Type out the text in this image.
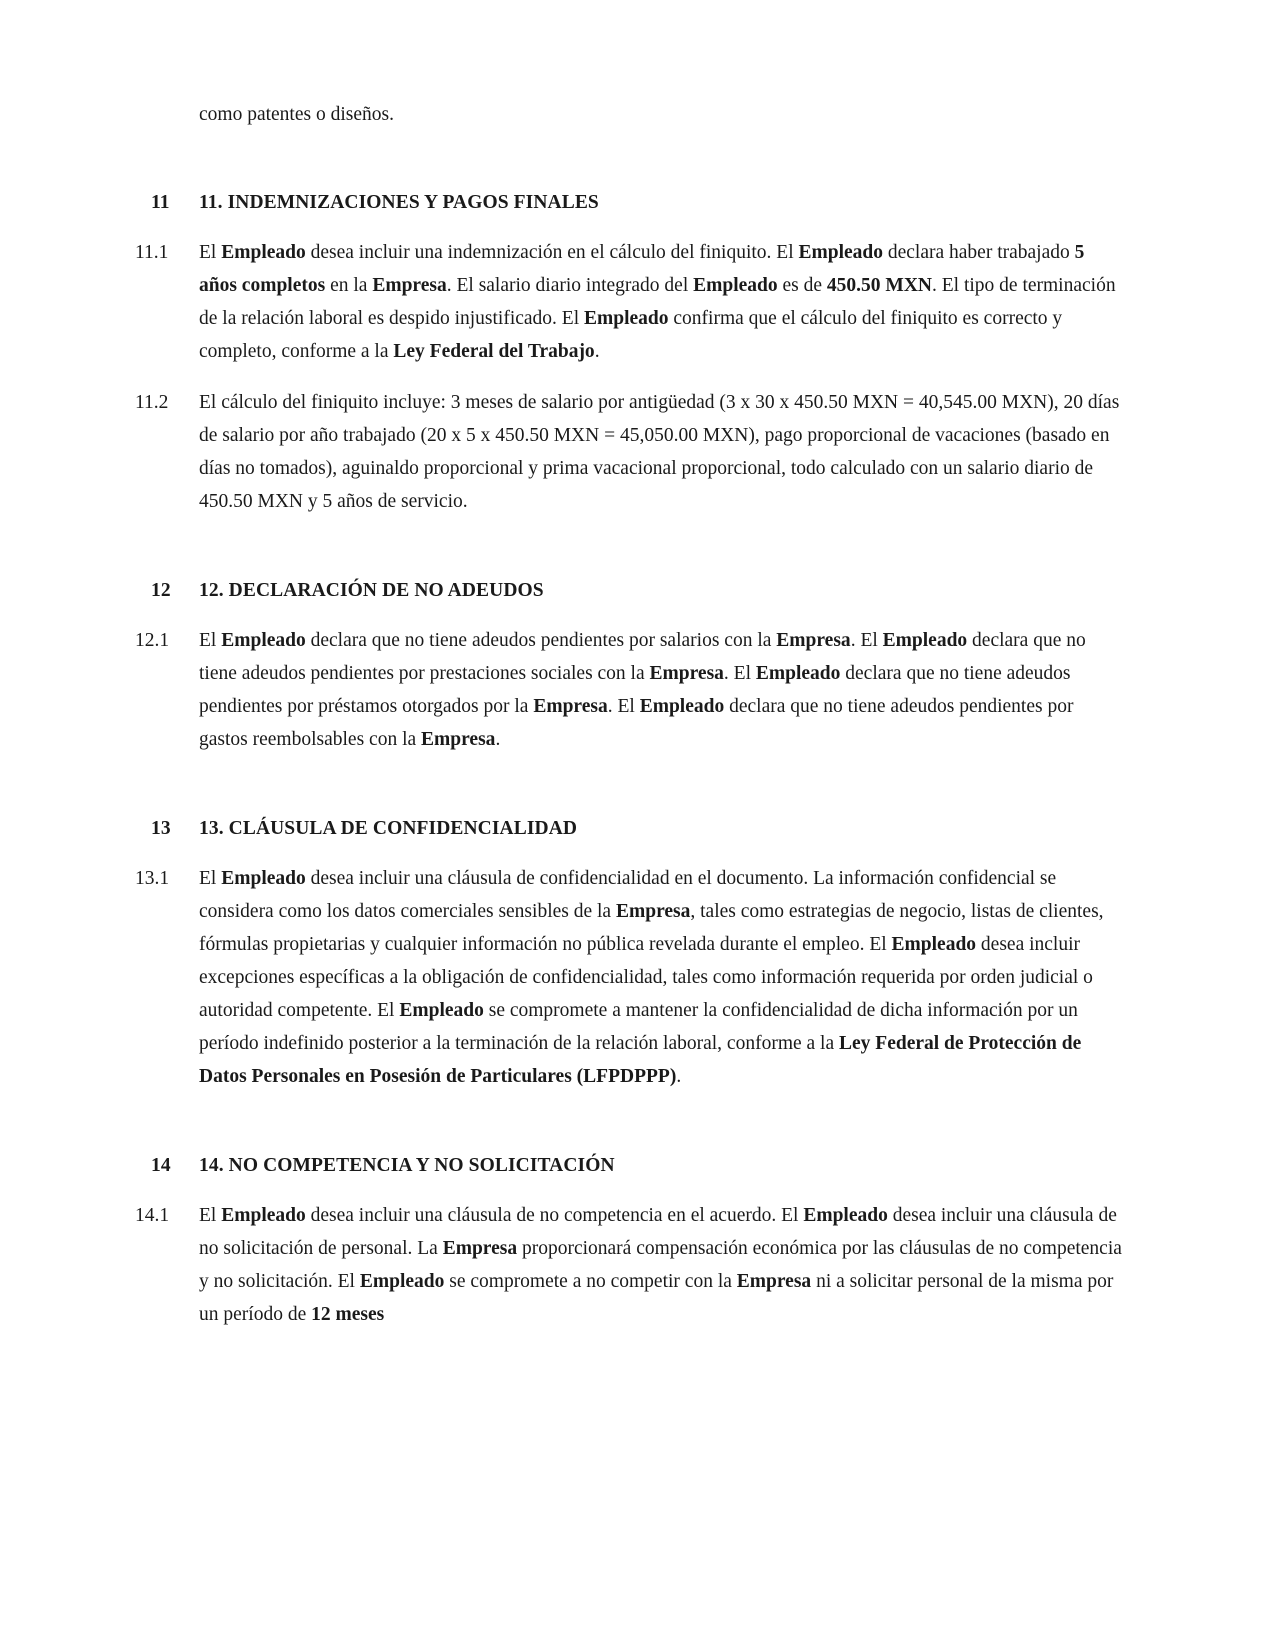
como patentes o diseños.

11	11. INDEMNIZACIONES Y PAGOS FINALES
11.1	El Empleado desea incluir una indemnización en el cálculo del finiquito. El Empleado declara haber trabajado 5 años completos en la Empresa. El salario diario integrado del Empleado es de 450.50 MXN. El tipo de terminación de la relación laboral es despido injustificado. El Empleado confirma que el cálculo del finiquito es correcto y completo, conforme a la Ley Federal del Trabajo.
11.2	El cálculo del finiquito incluye: 3 meses de salario por antigüedad (3 x 30 x 450.50 MXN = 40,545.00 MXN), 20 días de salario por año trabajado (20 x 5 x 450.50 MXN = 45,050.00 MXN), pago proporcional de vacaciones (basado en días no tomados), aguinaldo proporcional y prima vacacional proporcional, todo calculado con un salario diario de 450.50 MXN y 5 años de servicio.
12	12. DECLARACIÓN DE NO ADEUDOS
12.1	El Empleado declara que no tiene adeudos pendientes por salarios con la Empresa. El Empleado declara que no tiene adeudos pendientes por prestaciones sociales con la Empresa. El Empleado declara que no tiene adeudos pendientes por préstamos otorgados por la Empresa. El Empleado declara que no tiene adeudos pendientes por gastos reembolsables con la Empresa.
13	13. CLÁUSULA DE CONFIDENCIALIDAD
13.1	El Empleado desea incluir una cláusula de confidencialidad en el documento. La información confidencial se considera como los datos comerciales sensibles de la Empresa, tales como estrategias de negocio, listas de clientes, fórmulas propietarias y cualquier información no pública revelada durante el empleo. El Empleado desea incluir excepciones específicas a la obligación de confidencialidad, tales como información requerida por orden judicial o autoridad competente. El Empleado se compromete a mantener la confidencialidad de dicha información por un período indefinido posterior a la terminación de la relación laboral, conforme a la Ley Federal de Protección de Datos Personales en Posesión de Particulares (LFPDPPP).
14	14. NO COMPETENCIA Y NO SOLICITACIÓN
14.1	El Empleado desea incluir una cláusula de no competencia en el acuerdo. El Empleado desea incluir una cláusula de no solicitación de personal. La Empresa proporcionará compensación económica por las cláusulas de no competencia y no solicitación. El Empleado se compromete a no competir con la Empresa ni a solicitar personal de la misma por un período de 12 meses
